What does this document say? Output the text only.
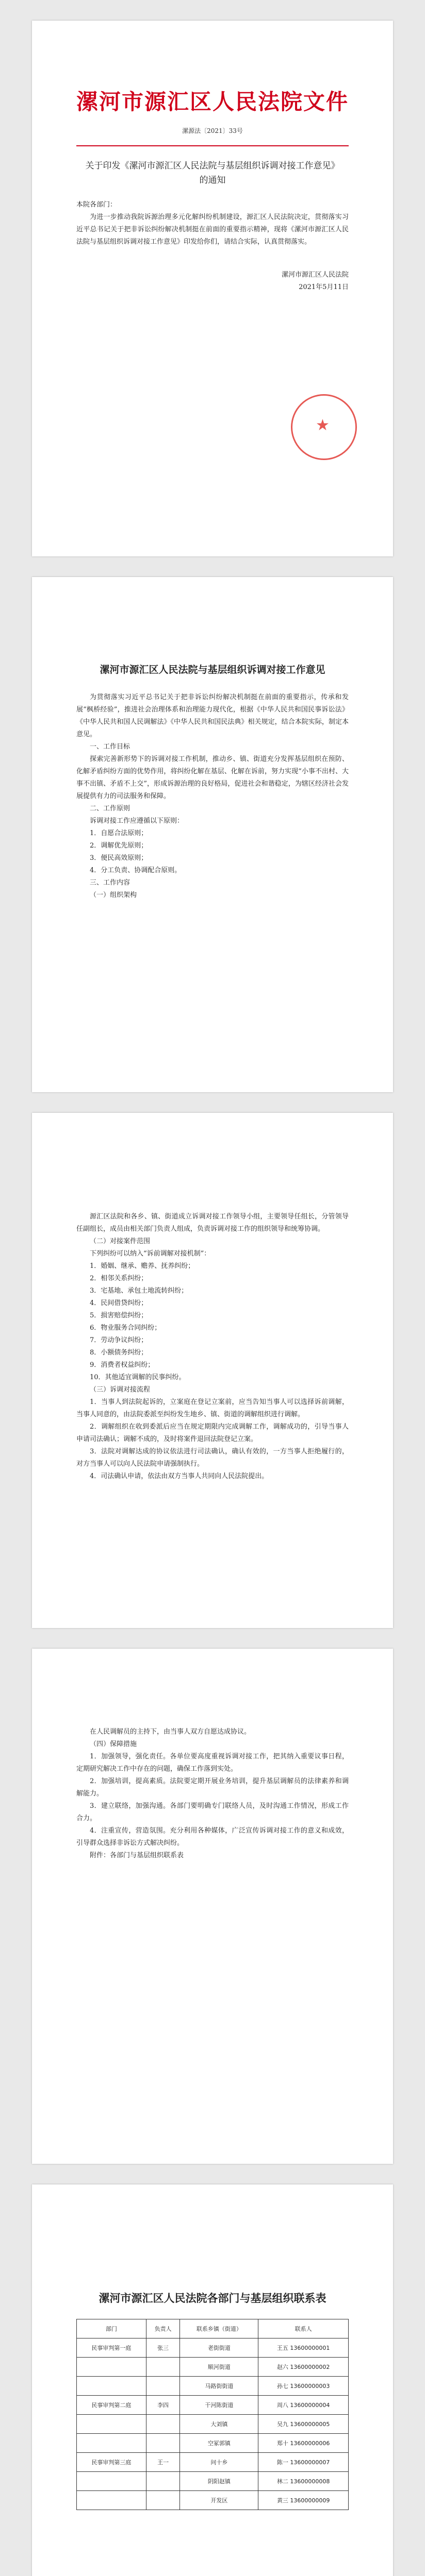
漯河市源汇区人民法院文件
漯源法〔2021〕33号
关于印发《漯河市源汇区人民法院与基层组织诉调对接工作意见》的通知
本院各部门：

为进一步推动我院诉源治理多元化解纠纷机制建设，源汇区人民法院决定，贯彻落实习近平总书记关于把非诉讼纠纷解决机制挺在前面的重要指示精神，现将《漯河市源汇区人民法院与基层组织诉调对接工作意见》印发给你们，请结合实际，认真贯彻落实。

漯河市源汇区人民法院
2021年5月11日
★
漯河市源汇区人民法院与基层组织诉调对接工作意见

为贯彻落实习近平总书记关于把非诉讼纠纷解决机制挺在前面的重要指示，传承和发展“枫桥经验”，推进社会治理体系和治理能力现代化，根据《中华人民共和国民事诉讼法》《中华人民共和国人民调解法》《中华人民共和国民法典》相关规定，结合本院实际，制定本意见。

一、工作目标

探索完善新形势下的诉调对接工作机制，推动乡、镇、街道充分发挥基层组织在预防、化解矛盾纠纷方面的优势作用，将纠纷化解在基层、化解在诉前，努力实现“小事不出村、大事不出镇、矛盾不上交”，形成诉源治理的良好格局，促进社会和谐稳定，为辖区经济社会发展提供有力的司法服务和保障。

二、工作原则

诉调对接工作应遵循以下原则：

1．自愿合法原则；

2．调解优先原则；

3．便民高效原则；

4．分工负责、协调配合原则。

三、工作内容

（一）组织架构

源汇区法院和各乡、镇、街道成立诉调对接工作领导小组，主要领导任组长，分管领导任副组长，成员由相关部门负责人组成，负责诉调对接工作的组织领导和统筹协调。

（二）对接案件范围

下列纠纷可以纳入“诉前调解对接机制”：

1．婚姻、继承、赡养、抚养纠纷；

2．相邻关系纠纷；

3．宅基地、承包土地流转纠纷；

4．民间借贷纠纷；

5．损害赔偿纠纷；

6．物业服务合同纠纷；

7．劳动争议纠纷；

8．小额债务纠纷；

9．消费者权益纠纷；

10．其他适宜调解的民事纠纷。

（三）诉调对接流程

1．当事人到法院起诉的，立案庭在登记立案前，应当告知当事人可以选择诉前调解，当事人同意的，由法院委派至纠纷发生地乡、镇、街道的调解组织进行调解。

2．调解组织在收到委派后应当在规定期限内完成调解工作，调解成功的，引导当事人申请司法确认；调解不成的，及时将案件退回法院登记立案。

3．法院对调解达成的协议依法进行司法确认，确认有效的，一方当事人拒绝履行的，对方当事人可以向人民法院申请强制执行。

4．司法确认申请，依法由双方当事人共同向人民法院提出。

在人民调解员的主持下，由当事人双方自愿达成协议。

（四）保障措施

1．加强领导，强化责任。各单位要高度重视诉调对接工作，把其纳入重要议事日程，定期研究解决工作中存在的问题，确保工作落到实处。

2．加强培训，提高素质。法院要定期开展业务培训，提升基层调解员的法律素养和调解能力。

3．建立联络，加强沟通。各部门要明确专门联络人员，及时沟通工作情况，形成工作合力。

4．注重宣传，营造氛围。充分利用各种媒体，广泛宣传诉调对接工作的意义和成效，引导群众选择非诉讼方式解决纠纷。

附件：各部门与基层组织联系表

漯河市源汇区人民法院各部门与基层组织联系表
部门	负责人	联系乡镇（街道）	联系人
民事审判第一庭	张三	老街街道	王五 13600000001
		顺河街道	赵六 13600000002
		马路街街道	孙七 13600000003
民事审判第二庭	李四	干河陈街道	周八 13600000004
		大刘镇	吴九 13600000005
		空冢郭镇	郑十 13600000006
民事审判第三庭	王一	问十乡	陈一 13600000007
		阴阳赵镇	林二 13600000008
		开发区	黄三 13600000009
